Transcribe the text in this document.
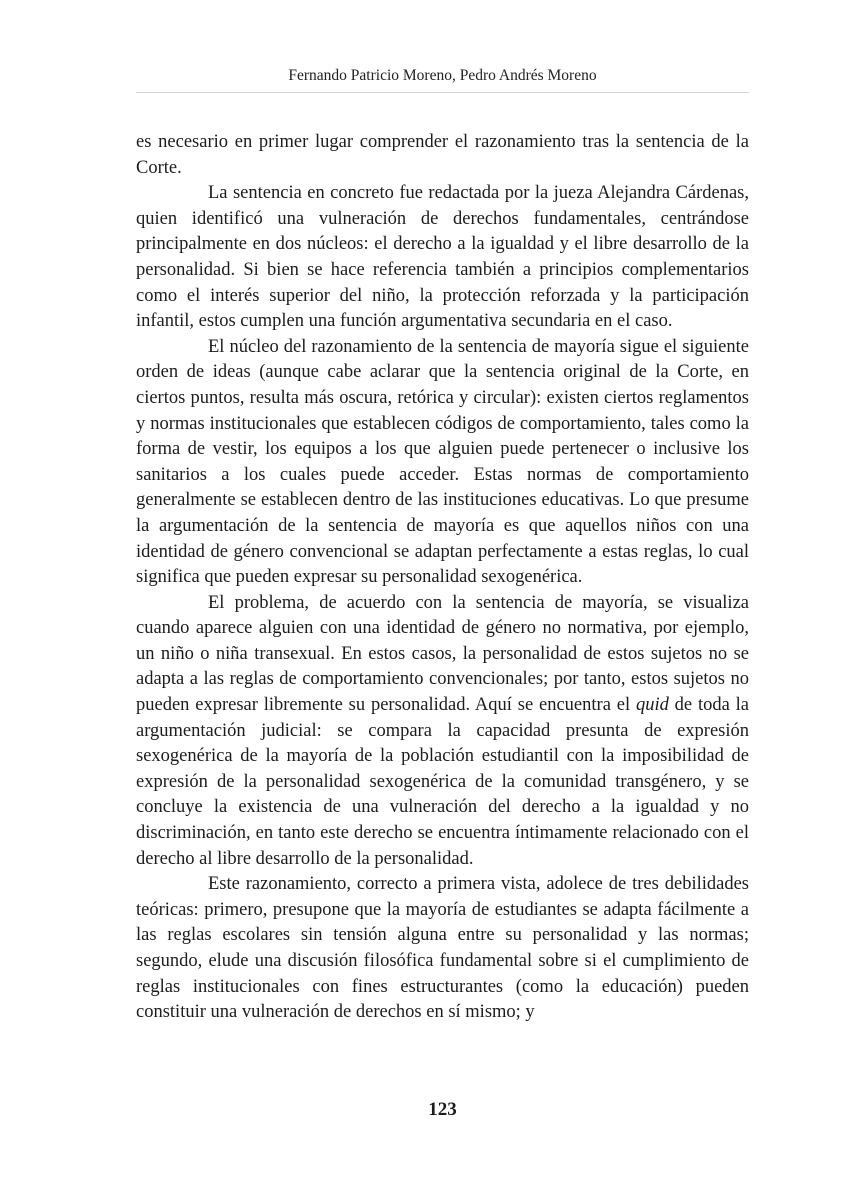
Fernando Patricio Moreno, Pedro Andrés Moreno

es necesario en primer lugar comprender el razonamiento tras la sentencia de la Corte.

La sentencia en concreto fue redactada por la jueza Alejandra Cárdenas, quien identificó una vulneración de derechos fundamentales, centrándose principalmente en dos núcleos: el derecho a la igualdad y el libre desarrollo de la personalidad. Si bien se hace referencia también a principios complementarios como el interés superior del niño, la protección reforzada y la participación infantil, estos cumplen una función argumentativa secundaria en el caso.

El núcleo del razonamiento de la sentencia de mayoría sigue el siguiente orden de ideas (aunque cabe aclarar que la sentencia original de la Corte, en ciertos puntos, resulta más oscura, retórica y circular): existen ciertos reglamentos y normas institucionales que establecen códigos de comportamiento, tales como la forma de vestir, los equipos a los que alguien puede pertenecer o inclusive los sanitarios a los cuales puede acceder. Estas normas de comportamiento generalmente se establecen dentro de las instituciones educativas. Lo que presume la argumentación de la sentencia de mayoría es que aquellos niños con una identidad de género convencional se adaptan perfectamente a estas reglas, lo cual significa que pueden expresar su personalidad sexogenérica.

El problema, de acuerdo con la sentencia de mayoría, se visualiza cuando aparece alguien con una identidad de género no normativa, por ejemplo, un niño o niña transexual. En estos casos, la personalidad de estos sujetos no se adapta a las reglas de comportamiento convencionales; por tanto, estos sujetos no pueden expresar libremente su personalidad. Aquí se encuentra el quid de toda la argumentación judicial: se compara la capacidad presunta de expresión sexogenérica de la mayoría de la población estudiantil con la imposibilidad de expresión de la personalidad sexogenérica de la comunidad transgénero, y se concluye la existencia de una vulneración del derecho a la igualdad y no discriminación, en tanto este derecho se encuentra íntimamente relacionado con el derecho al libre desarrollo de la personalidad.

Este razonamiento, correcto a primera vista, adolece de tres debilidades teóricas: primero, presupone que la mayoría de estudiantes se adapta fácilmente a las reglas escolares sin tensión alguna entre su personalidad y las normas; segundo, elude una discusión filosófica fundamental sobre si el cumplimiento de reglas institucionales con fines estructurantes (como la educación) pueden constituir una vulneración de derechos en sí mismo; y

123
